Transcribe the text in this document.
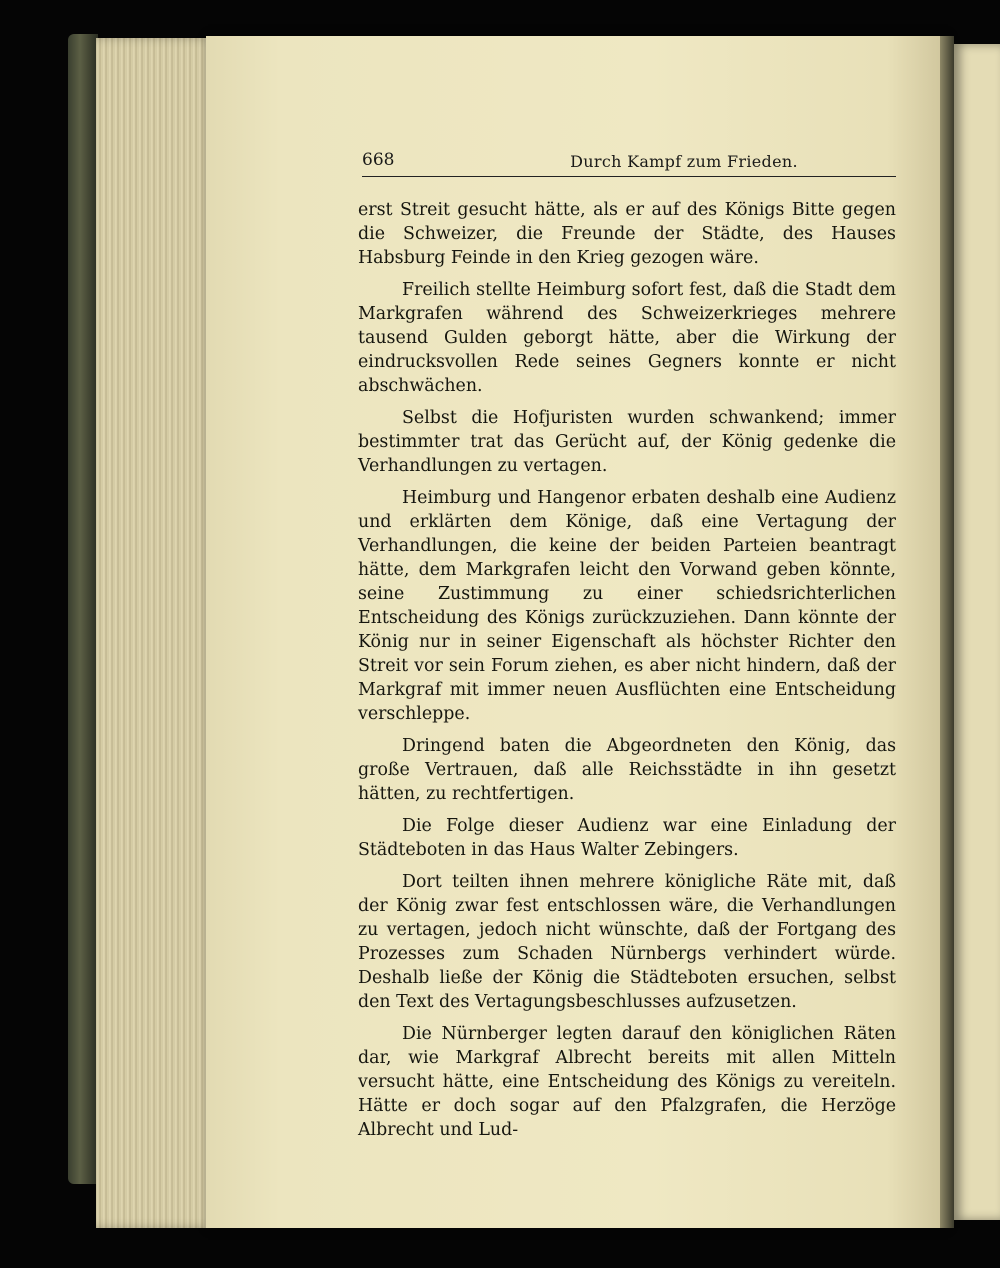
668	Durch Kampf zum Frieden.

erst Streit gesucht hätte, als er auf des Königs Bitte gegen die Schweizer, die Freunde der Städte, des Hauses Habsburg Feinde in den Krieg gezogen wäre.

Freilich stellte Heimburg sofort fest, daß die Stadt dem Markgrafen während des Schweizerkrieges mehrere tausend Gulden geborgt hätte, aber die Wirkung der eindrucksvollen Rede seines Gegners konnte er nicht abschwächen.

Selbst die Hofjuristen wurden schwankend; immer bestimmter trat das Gerücht auf, der König gedenke die Verhandlungen zu vertagen.

Heimburg und Hangenor erbaten deshalb eine Audienz und erklärten dem Könige, daß eine Vertagung der Verhandlungen, die keine der beiden Parteien beantragt hätte, dem Markgrafen leicht den Vorwand geben könnte, seine Zustimmung zu einer schiedsrichterlichen Entscheidung des Königs zurückzuziehen. Dann könnte der König nur in seiner Eigenschaft als höchster Richter den Streit vor sein Forum ziehen, es aber nicht hindern, daß der Markgraf mit immer neuen Ausflüchten eine Entscheidung verschleppe.

Dringend baten die Abgeordneten den König, das große Vertrauen, daß alle Reichsstädte in ihn gesetzt hätten, zu rechtfertigen.

Die Folge dieser Audienz war eine Einladung der Städteboten in das Haus Walter Zebingers.

Dort teilten ihnen mehrere königliche Räte mit, daß der König zwar fest entschlossen wäre, die Verhandlungen zu vertagen, jedoch nicht wünschte, daß der Fortgang des Prozesses zum Schaden Nürnbergs verhindert würde. Deshalb ließe der König die Städteboten ersuchen, selbst den Text des Vertagungsbeschlusses aufzusetzen.

Die Nürnberger legten darauf den königlichen Räten dar, wie Markgraf Albrecht bereits mit allen Mitteln versucht hätte, eine Entscheidung des Königs zu vereiteln. Hätte er doch sogar auf den Pfalzgrafen, die Herzöge Albrecht und Lud-
